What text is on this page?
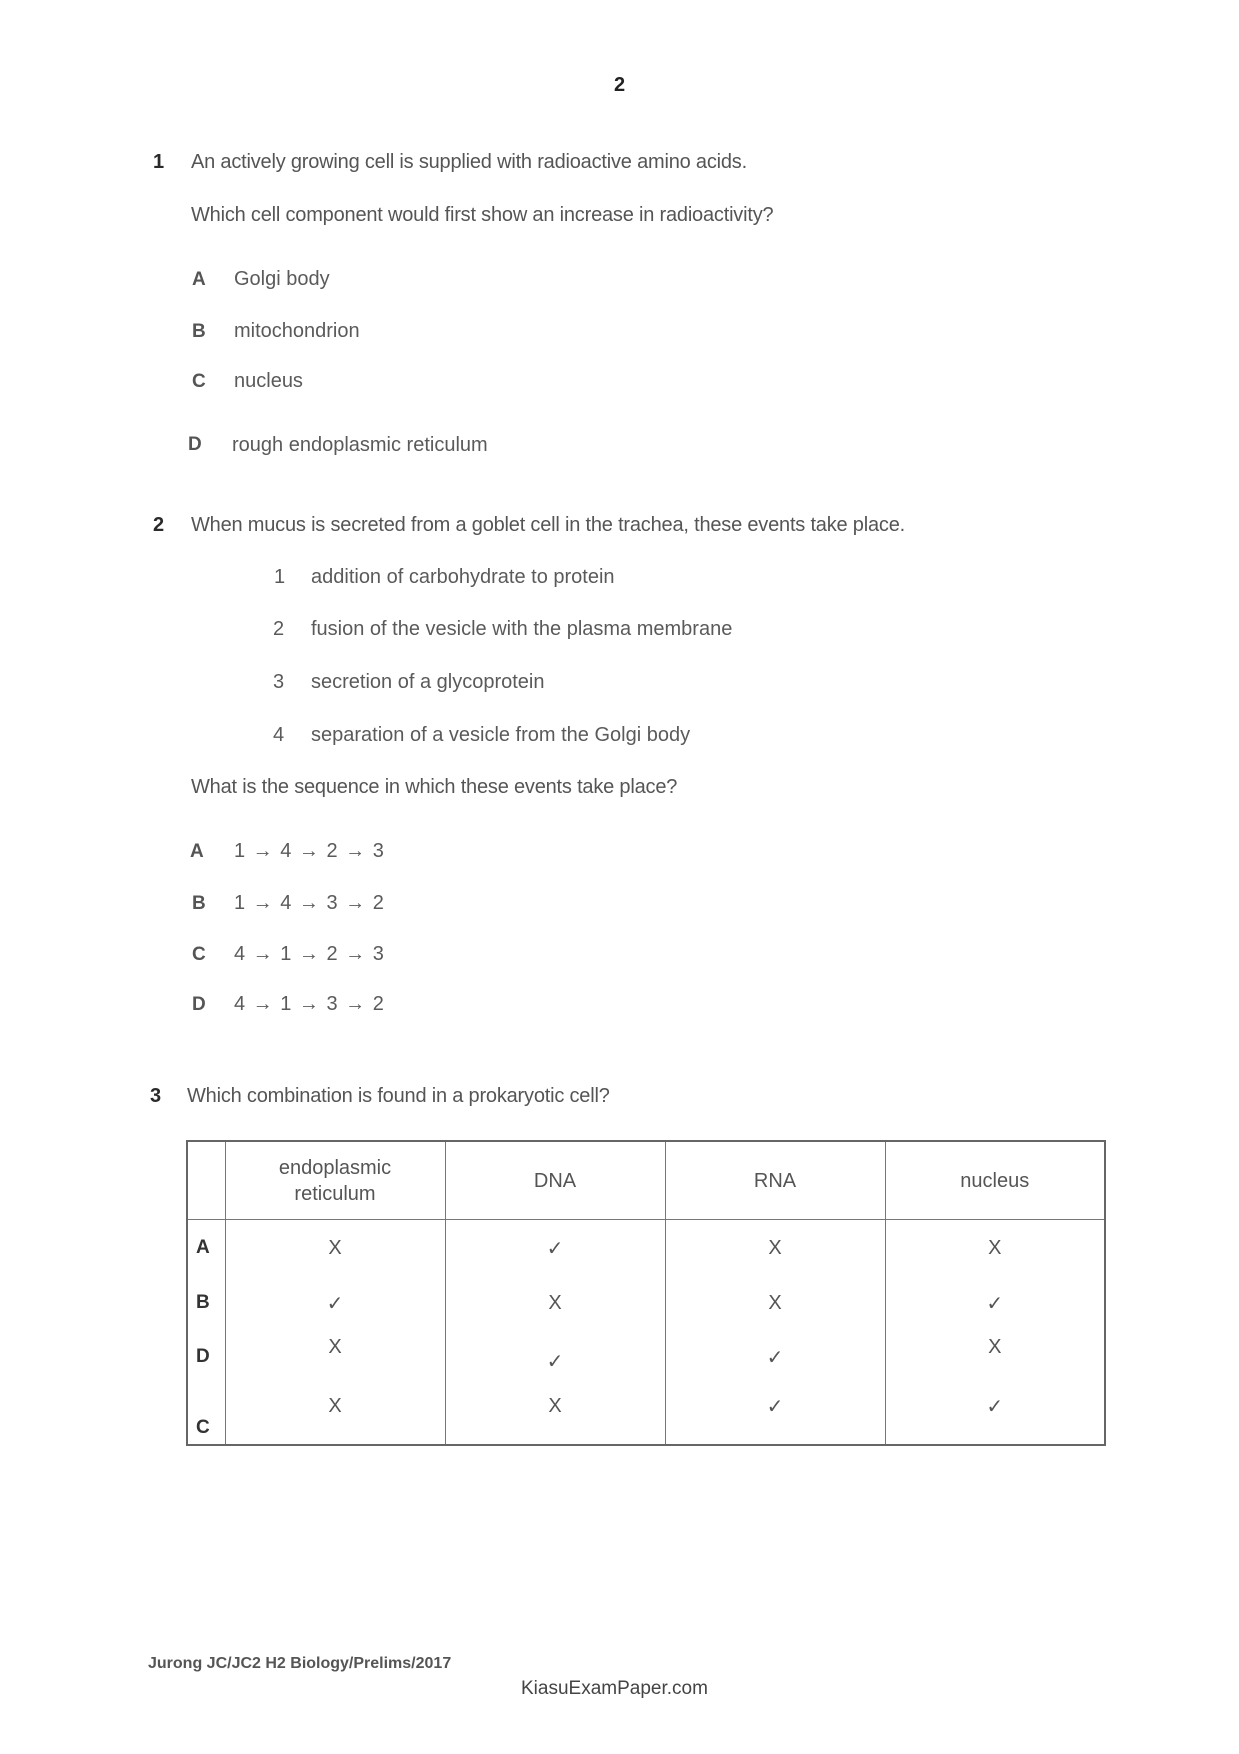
2
1 An actively growing cell is supplied with radioactive amino acids.
Which cell component would first show an increase in radioactivity?
A Golgi body
B mitochondrion
C nucleus
D rough endoplasmic reticulum
2 When mucus is secreted from a goblet cell in the trachea, these events take place.
1 addition of carbohydrate to protein
2 fusion of the vesicle with the plasma membrane
3 secretion of a glycoprotein
4 separation of a vesicle from the Golgi body
What is the sequence in which these events take place?
A 1 → 4 → 2 → 3
B 1 → 4 → 3 → 2
C 4 → 1 → 2 → 3
D 4 → 1 → 3 → 2
3 Which combination is found in a prokaryotic cell?
	endoplasmic
reticulum	DNA	RNA	nucleus
A	X	✓	X	X
B	✓	X	X	✓
D	X	✓	✓	X
C	X	X	✓	✓
Jurong JC/JC2 H2 Biology/Prelims/2017
KiasuExamPaper.com
